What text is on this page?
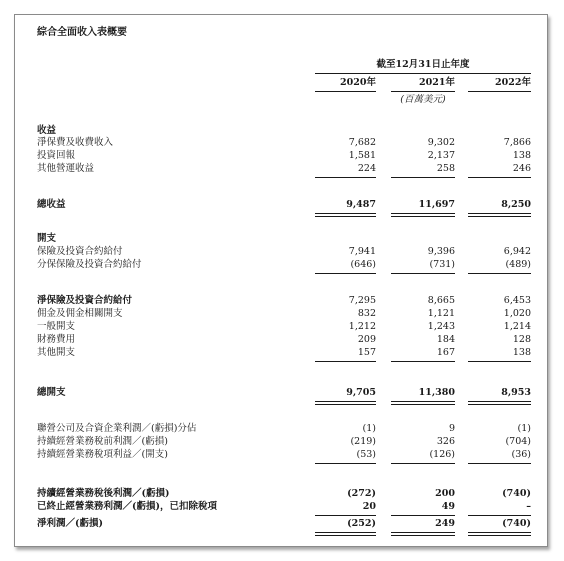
綜合全面收入表概要
截至12月31日止年度
2020年	2021年	2022年
(百萬美元)
收益
淨保費及收費收入	7,682	9,302	7,866
投資回報	1,581	2,137	138
其他營運收益	224	258	246
總收益	9,487	11,697	8,250
開支
保險及投資合約給付	7,941	9,396	6,942
分保保險及投資合約給付	(646)	(731)	(489)
淨保險及投資合約給付	7,295	8,665	6,453
佣金及佣金相關開支	832	1,121	1,020
一般開支	1,212	1,243	1,214
財務費用	209	184	128
其他開支	157	167	138
總開支	9,705	11,380	8,953
聯營公司及合資企業利潤／(虧損)分佔	(1)	9	(1)
持續經營業務稅前利潤／(虧損)	(219)	326	(704)
持續經營業務稅項利益／(開支)	(53)	(126)	(36)
持續經營業務稅後利潤／(虧損)	(272)	200	(740)
已終止經營業務利潤／(虧損)，已扣除稅項	20	49	–
淨利潤／(虧損)	(252)	249	(740)
